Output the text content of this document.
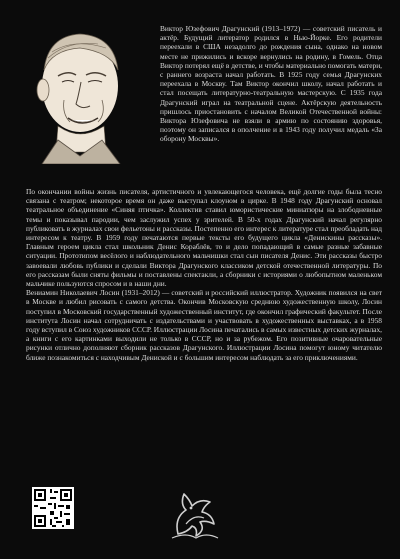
Виктор Юзефович Драгунский (1913–1972) — советский писатель и актёр. Будущий литератор родился в Нью-Йорке. Его родители переехали в США незадолго до рождения сына, однако на новом месте не прижились и вскоре вернулись на родину, в Гомель. Отца Виктор потерял ещё в детстве, и чтобы материально помогать матери, с раннего возраста начал работать. В 1925 году семья Драгунских переехала в Москву. Там Виктор окончил школу, начал работать и стал посещать литературно-театральную мастерскую. С 1935 года Драгунский играл на театральной сцене. Актёрскую деятельность пришлось приостановить с началом Великой Отечественной войны: Виктора Юзефовича не взяли в армию по состоянию здоровья, поэтому он записался в ополчение и в 1943 году получил медаль «За оборону Москвы».

По окончании войны жизнь писателя, артистичного и увлекающегося человека, ещё долгие годы была тесно связана с театром; некоторое время он даже выступал клоуном в цирке. В 1948 году Драгунский основал театральное объединение «Синяя птичка». Коллектив ставил юмористические миниатюры на злободневные темы и показывал пародии, чем заслужил успех у зрителей. В 50-х годах Драгунский начал регулярно публиковать в журналах свои фельетоны и рассказы. Постепенно его интерес к литературе стал преобладать над интересом к театру. В 1959 году печатаются первые тексты его будущего цикла «Денискины рассказы». Главным героем цикла стал школьник Денис Кораблёв, то и дело попадающий в самые разные забавные ситуации. Прототипом весёлого и наблюдательного мальчишки стал сын писателя Денис. Эти рассказы быстро завоевали любовь публики и сделали Виктора Драгунского классиком детской отечественной литературы. По его рассказам были сняты фильмы и поставлены спектакли, а сборники с историями о любопытном маленьком мальчике пользуются спросом и в наши дни.

Вениамин Николаевич Лосин (1931–2012) — советский и российский иллюстратор. Художник появился на свет в Москве и любил рисовать с самого детства. Окончив Московскую среднюю художественную школу, Лосин поступил в Московский государственный художественный институт, где окончил графический факультет. После института Лосин начал сотрудничать с издательствами и участвовать в художественных выставках, а в 1958 году вступил в Союз художников СССР. Иллюстрации Лосина печатались в самых известных детских журналах, а книги с его картинками выходили не только в СССР, но и за рубежом. Его позитивные очаровательные рисунки отлично дополняют сборник рассказов Драгунского. Иллюстрации Лосина помогут юному читателю ближе познакомиться с находчивым Дениской и с большим интересом наблюдать за его приключениями.
